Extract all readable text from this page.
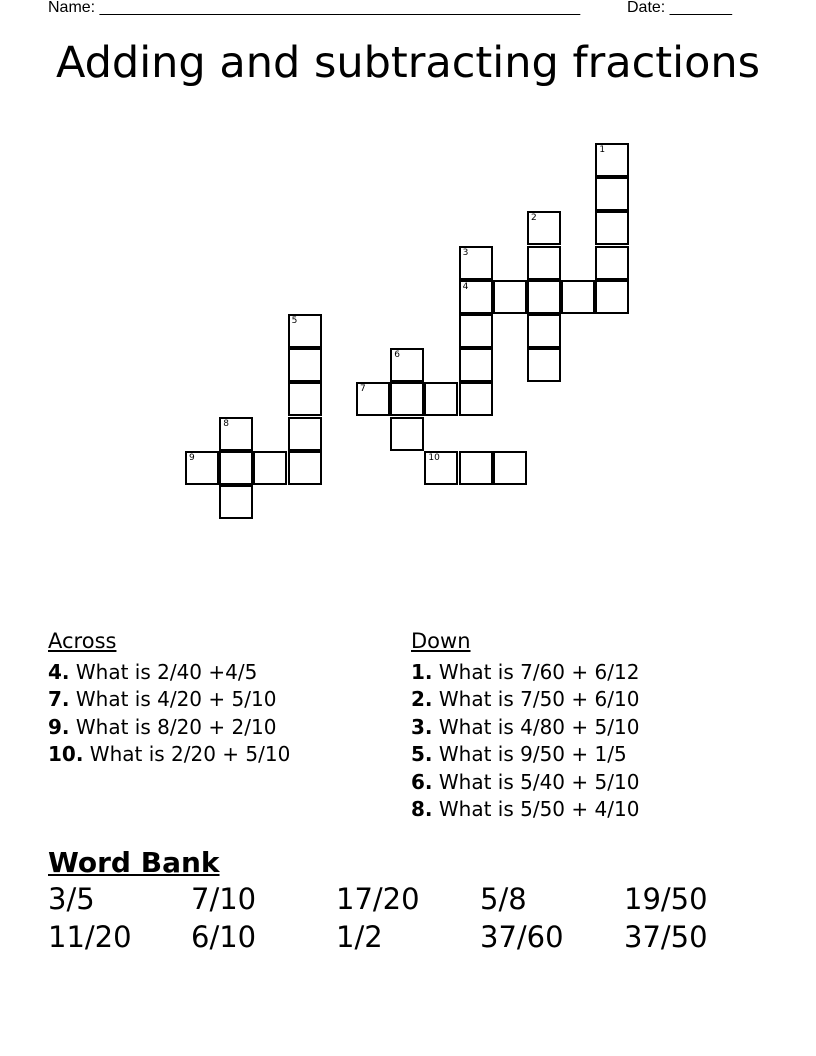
Name: ______________________________________________________	Date: _______
Adding and subtracting fractions
1
2
3
4
5
6
7
8
9	10
Across
4. What is 2/40 +4/5
7. What is 4/20 + 5/10
9. What is 8/20 + 2/10
10. What is 2/20 + 5/10
Down
1. What is 7/60 + 6/12
2. What is 7/50 + 6/10
3. What is 4/80 + 5/10
5. What is 9/50 + 1/5
6. What is 5/40 + 5/10
8. What is 5/50 + 4/10
Word Bank
3/5	7/10	17/20 5/8	19/50
11/20 6/10	1/2	37/60 37/50
